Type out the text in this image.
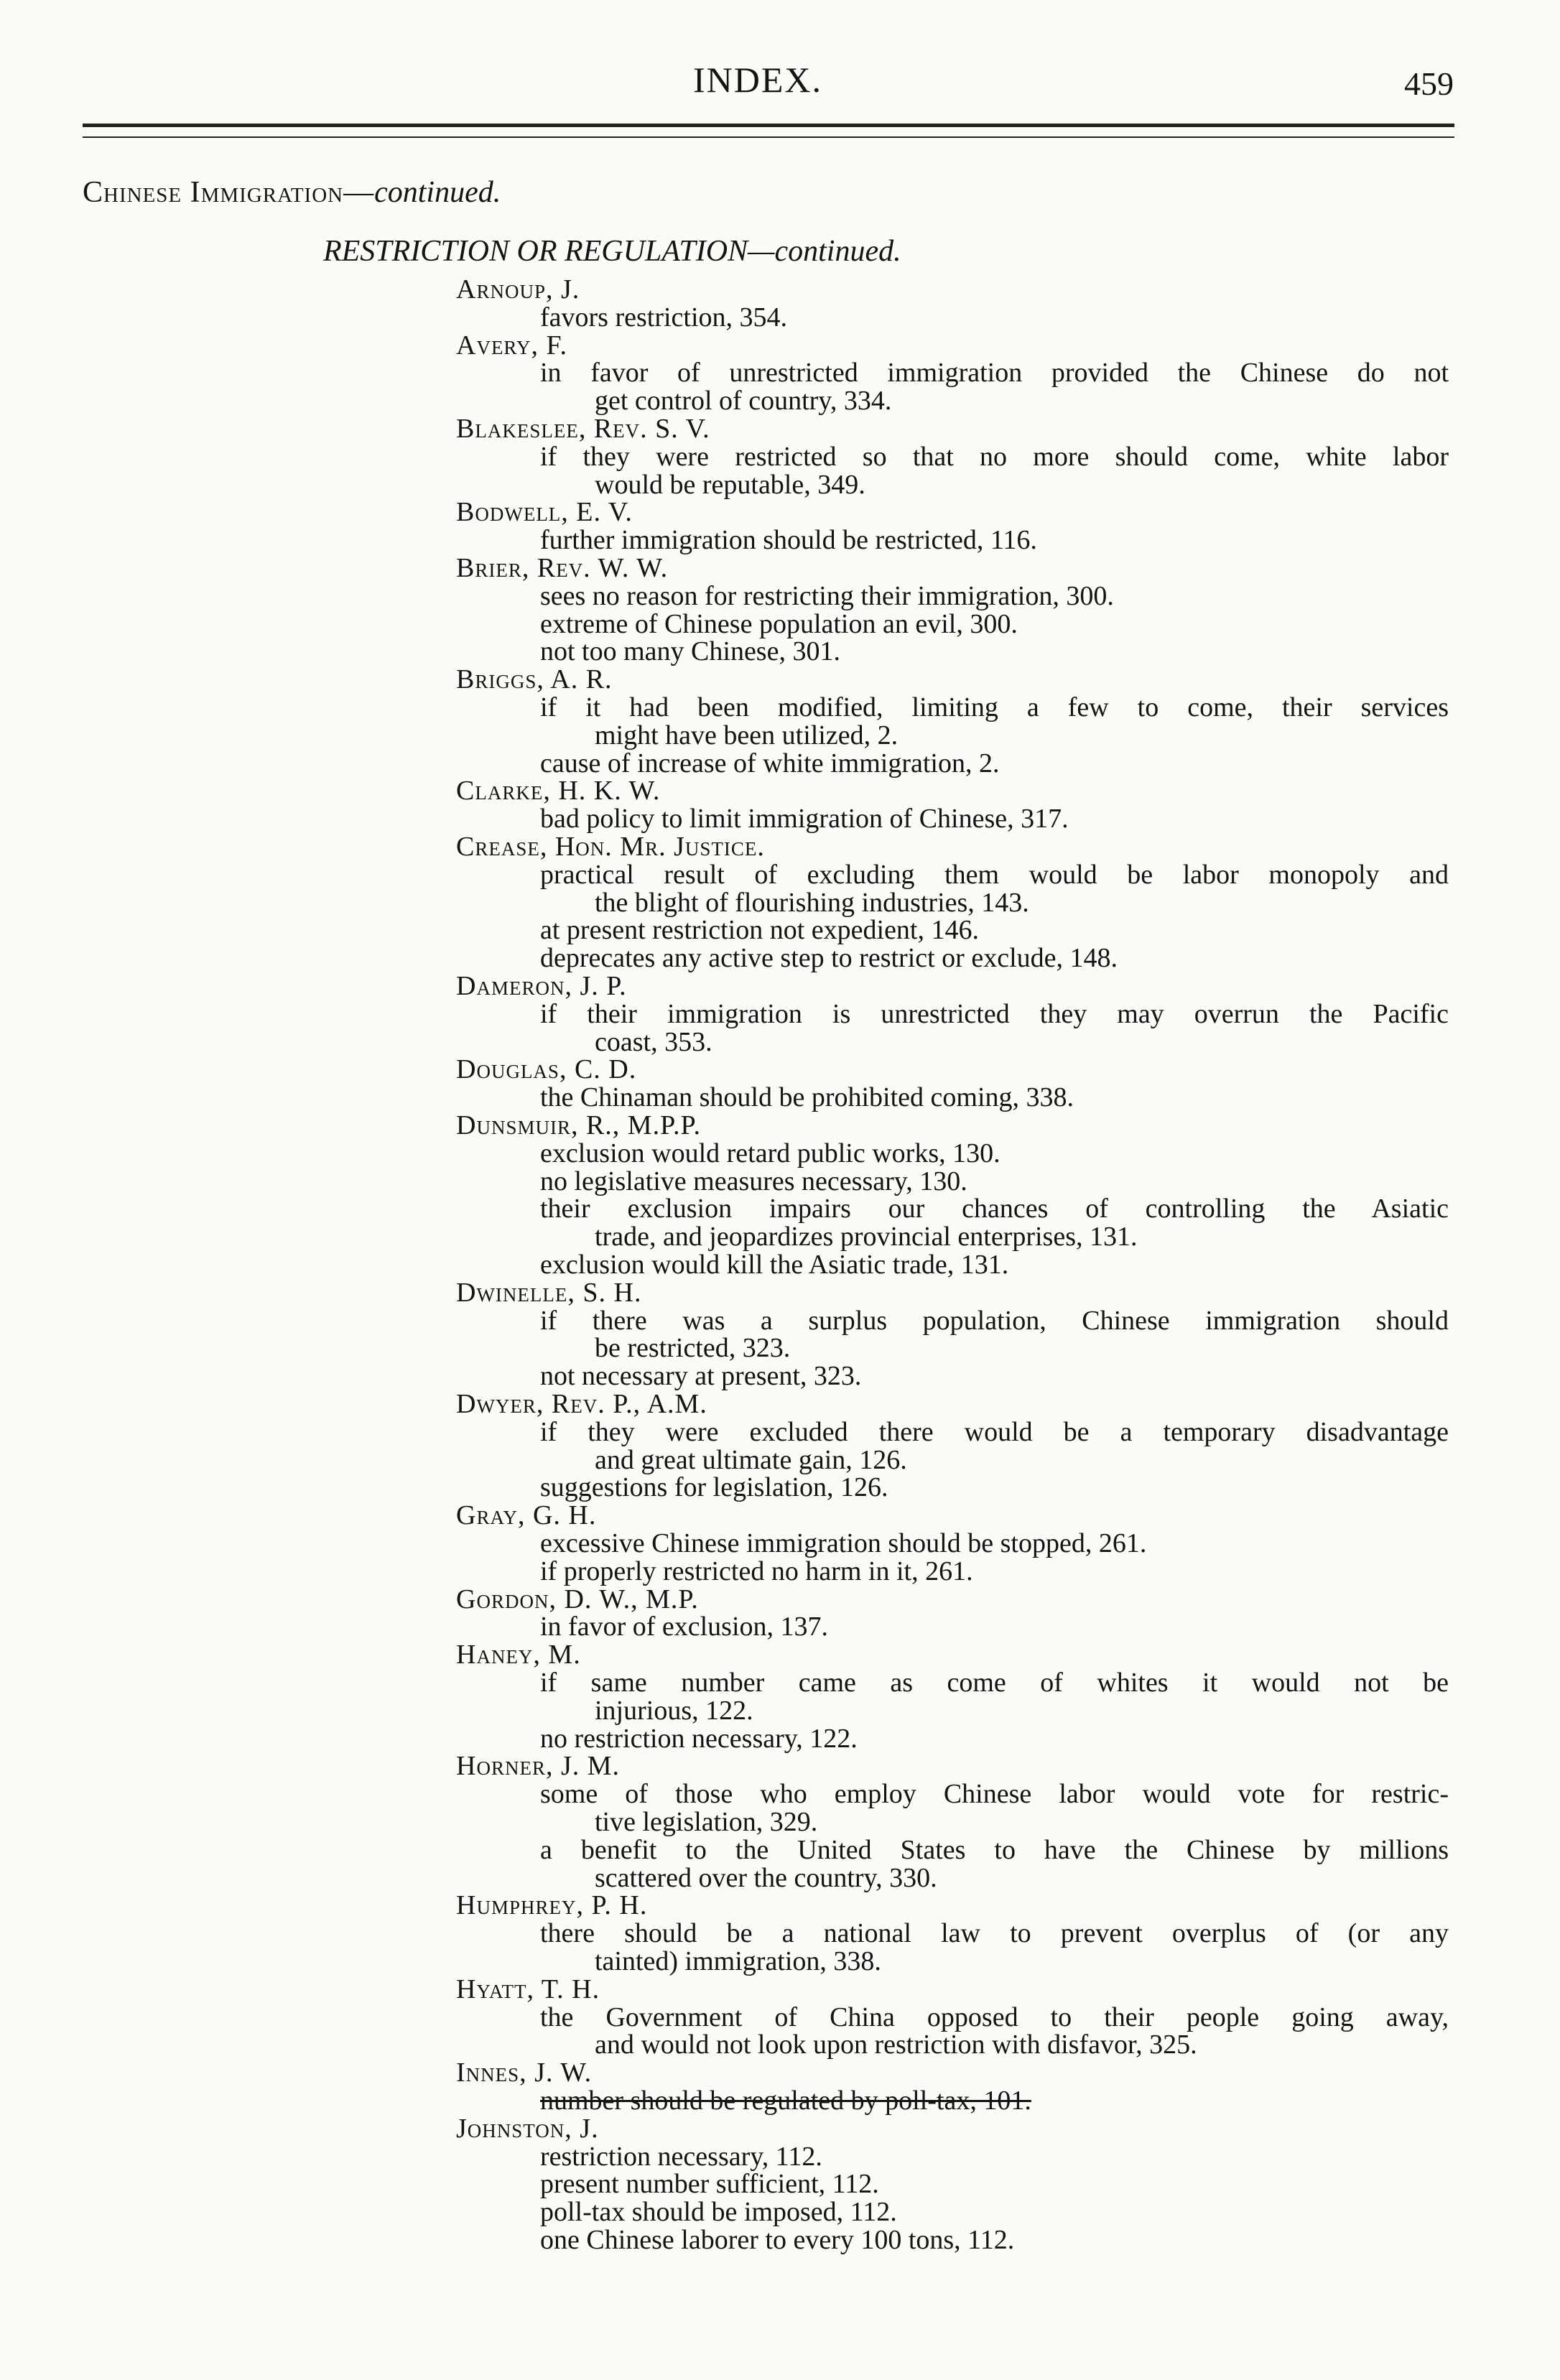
INDEX.	459
Chinese Immigration—continued.
RESTRICTION OR REGULATION—continued.
Arnoup, J.
favors restriction, 354.
Avery, F.
in favor of unrestricted immigration provided the Chinese do not
get control of country, 334.
Blakeslee, Rev. S. V.
if they were restricted so that no more should come, white labor
would be reputable, 349.
Bodwell, E. V.
further immigration should be restricted, 116.
Brier, Rev. W. W.
sees no reason for restricting their immigration, 300.
extreme of Chinese population an evil, 300.
not too many Chinese, 301.
Briggs, A. R.
if it had been modified, limiting a few to come, their services
might have been utilized, 2.
cause of increase of white immigration, 2.
Clarke, H. K. W.
bad policy to limit immigration of Chinese, 317.
Crease, Hon. Mr. Justice.
practical result of excluding them would be labor monopoly and
the blight of flourishing industries, 143.
at present restriction not expedient, 146.
deprecates any active step to restrict or exclude, 148.
Dameron, J. P.
if their immigration is unrestricted they may overrun the Pacific
coast, 353.
Douglas, C. D.
the Chinaman should be prohibited coming, 338.
Dunsmuir, R., M.P.P.
exclusion would retard public works, 130.
no legislative measures necessary, 130.
their exclusion impairs our chances of controlling the Asiatic
trade, and jeopardizes provincial enterprises, 131.
exclusion would kill the Asiatic trade, 131.
Dwinelle, S. H.
if there was a surplus population, Chinese immigration should
be restricted, 323.
not necessary at present, 323.
Dwyer, Rev. P., A.M.
if they were excluded there would be a temporary disadvantage
and great ultimate gain, 126.
suggestions for legislation, 126.
Gray, G. H.
excessive Chinese immigration should be stopped, 261.
if properly restricted no harm in it, 261.
Gordon, D. W., M.P.
in favor of exclusion, 137.
Haney, M.
if same number came as come of whites it would not be
injurious, 122.
no restriction necessary, 122.
Horner, J. M.
some of those who employ Chinese labor would vote for restric-
tive legislation, 329.
a benefit to the United States to have the Chinese by millions
scattered over the country, 330.
Humphrey, P. H.
there should be a national law to prevent overplus of (or any
tainted) immigration, 338.
Hyatt, T. H.
the Government of China opposed to their people going away,
and would not look upon restriction with disfavor, 325.
Innes, J. W.
number should be regulated by poll-tax, 101.
Johnston, J.
restriction necessary, 112.
present number sufficient, 112.
poll-tax should be imposed, 112.
one Chinese laborer to every 100 tons, 112.
